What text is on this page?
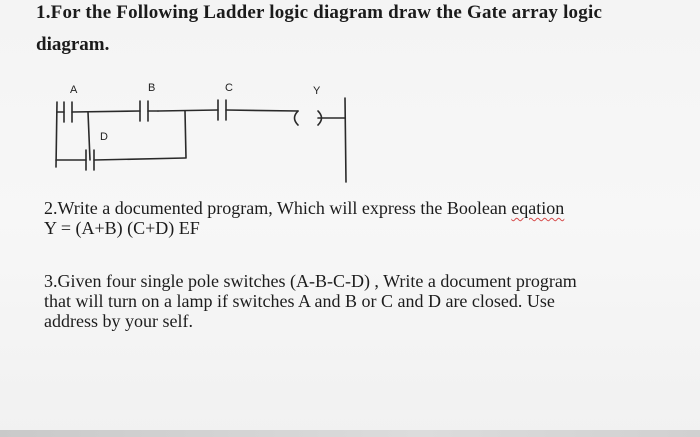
1.For the Following Ladder logic diagram draw the Gate array logic
diagram.
A	B	C
D
Y
2.Write a documented program, Which will express the Boolean eqation
Y = (A+B) (C+D) EF
3.Given four single pole switches (A-B-C-D) , Write a document program
that will turn on a lamp if switches A and B or C and D are closed. Use
address by your self.
